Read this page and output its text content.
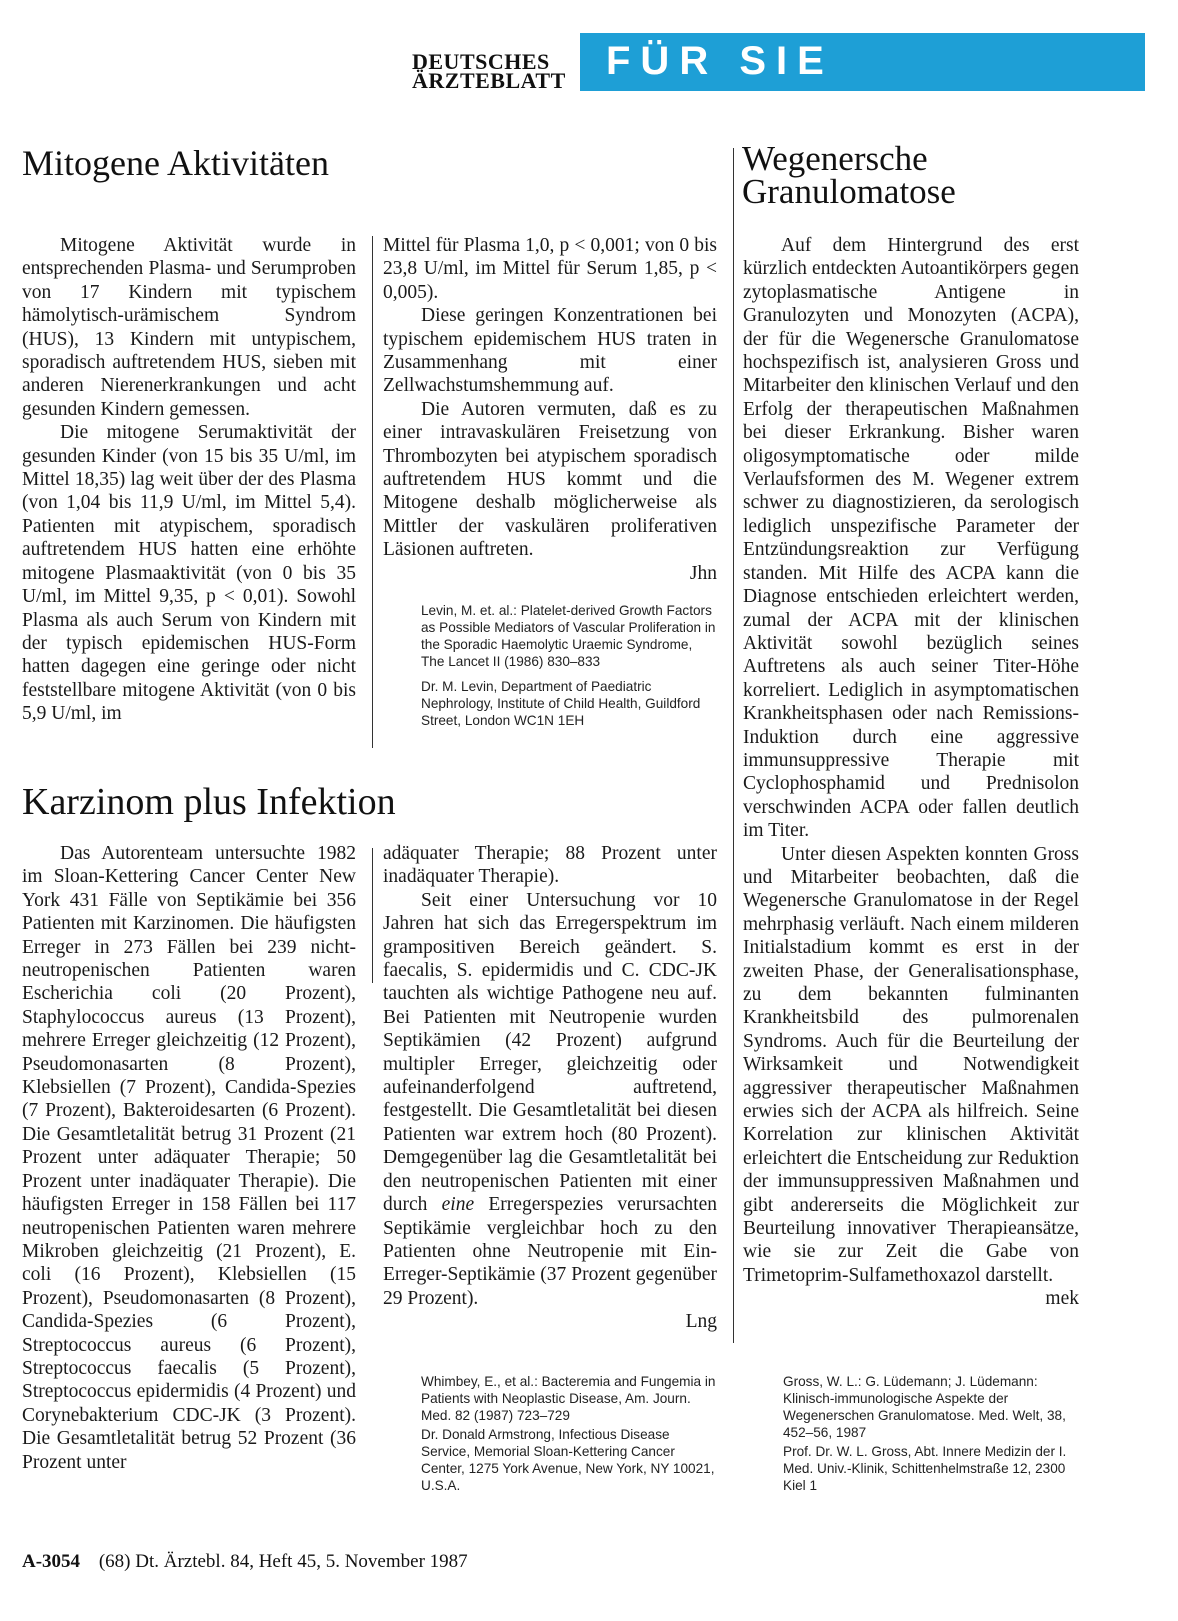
DEUTSCHES
ÄRZTEBLATT FÜR SIE REFERIERT
Mitogene Aktivitäten

Mitogene Aktivität wurde in entsprechenden Plasma- und Serumproben von 17 Kindern mit typischem hämolytisch-urämischem Syndrom (HUS), 13 Kindern mit untypischem, sporadisch auftretendem HUS, sieben mit anderen Nierenerkrankungen und acht gesunden Kindern gemessen.

Die mitogene Serumaktivität der gesunden Kinder (von 15 bis 35 U/ml, im Mittel 18,35) lag weit über der des Plasma (von 1,04 bis 11,9 U/ml, im Mittel 5,4). Patienten mit atypischem, sporadisch auftretendem HUS hatten eine erhöhte mitogene Plasmaaktivität (von 0 bis 35 U/ml, im Mittel 9,35, p < 0,01). Sowohl Plasma als auch Serum von Kindern mit der typisch epidemischen HUS-Form hatten dagegen eine geringe oder nicht feststellbare mitogene Aktivität (von 0 bis 5,9 U/ml, im

Mittel für Plasma 1,0, p < 0,001; von 0 bis 23,8 U/ml, im Mittel für Serum 1,85, p < 0,005).

Diese geringen Konzentrationen bei typischem epidemischem HUS traten in Zusammenhang mit einer Zellwachstumshemmung auf.

Die Autoren vermuten, daß es zu einer intravaskulären Freisetzung von Thrombozyten bei atypischem sporadisch auftretendem HUS kommt und die Mitogene deshalb möglicherweise als Mittler der vaskulären proliferativen Läsionen auftreten.

Jhn

Levin, M. et. al.: Platelet-derived Growth Factors as Possible Mediators of Vascular Proliferation in the Sporadic Haemolytic Uraemic Syndrome, The Lancet II (1986) 830–833

Dr. M. Levin, Department of Paediatric Nephrology, Institute of Child Health, Guildford Street, London WC1N 1EH

Karzinom plus Infektion

Das Autorenteam untersuchte 1982 im Sloan-Kettering Cancer Center New York 431 Fälle von Septikämie bei 356 Patienten mit Karzinomen. Die häufigsten Erreger in 273 Fällen bei 239 nicht-neutropenischen Patienten waren Escherichia coli (20 Prozent), Staphylococcus aureus (13 Prozent), mehrere Erreger gleichzeitig (12 Prozent), Pseudomonasarten (8 Prozent), Klebsiellen (7 Prozent), Candida-Spezies (7 Prozent), Bakteroidesarten (6 Prozent). Die Gesamtletalität betrug 31 Prozent (21 Prozent unter adäquater Therapie; 50 Prozent unter inadäquater Therapie). Die häufigsten Erreger in 158 Fällen bei 117 neutropenischen Patienten waren mehrere Mikroben gleichzeitig (21 Prozent), E. coli (16 Prozent), Klebsiellen (15 Prozent), Pseudomonasarten (8 Prozent), Candida-Spezies (6 Prozent), Streptococcus aureus (6 Prozent), Streptococcus faecalis (5 Prozent), Streptococcus epidermidis (4 Prozent) und Corynebakterium CDC-JK (3 Prozent). Die Gesamtletalität betrug 52 Prozent (36 Prozent unter

adäquater Therapie; 88 Prozent unter inadäquater Therapie).

Seit einer Untersuchung vor 10 Jahren hat sich das Erregerspektrum im grampositiven Bereich geändert. S. faecalis, S. epidermidis und C. CDC-JK tauchten als wichtige Pathogene neu auf. Bei Patienten mit Neutropenie wurden Septikämien (42 Prozent) aufgrund multipler Erreger, gleichzeitig oder aufeinanderfolgend auftretend, festgestellt. Die Gesamtletalität bei diesen Patienten war extrem hoch (80 Prozent). Demgegenüber lag die Gesamtletalität bei den neutropenischen Patienten mit einer durch eine Erregerspezies verursachten Septikämie vergleichbar hoch zu den Patienten ohne Neutropenie mit Ein-Erreger-Septikämie (37 Prozent gegenüber 29 Prozent).

Lng

Whimbey, E., et al.: Bacteremia and Fungemia in Patients with Neoplastic Disease, Am. Journ. Med. 82 (1987) 723–729

Dr. Donald Armstrong, Infectious Disease Service, Memorial Sloan-Kettering Cancer Center, 1275 York Avenue, New York, NY 10021, U.S.A.

Wegenersche
Granulomatose

Auf dem Hintergrund des erst kürzlich entdeckten Autoantikörpers gegen zytoplasmatische Antigene in Granulozyten und Monozyten (ACPA), der für die Wegenersche Granulomatose hochspezifisch ist, analysieren Gross und Mitarbeiter den klinischen Verlauf und den Erfolg der therapeutischen Maßnahmen bei dieser Erkrankung. Bisher waren oligosymptomatische oder milde Verlaufsformen des M. Wegener extrem schwer zu diagnostizieren, da serologisch lediglich unspezifische Parameter der Entzündungsreaktion zur Verfügung standen. Mit Hilfe des ACPA kann die Diagnose entschieden erleichtert werden, zumal der ACPA mit der klinischen Aktivität sowohl bezüglich seines Auftretens als auch seiner Titer-Höhe korreliert. Lediglich in asymptomatischen Krankheitsphasen oder nach Remissions-Induktion durch eine aggressive immunsuppressive Therapie mit Cyclophosphamid und Prednisolon verschwinden ACPA oder fallen deutlich im Titer.

Unter diesen Aspekten konnten Gross und Mitarbeiter beobachten, daß die Wegenersche Granulomatose in der Regel mehrphasig verläuft. Nach einem milderen Initialstadium kommt es erst in der zweiten Phase, der Generalisationsphase, zu dem bekannten fulminanten Krankheitsbild des pulmorenalen Syndroms. Auch für die Beurteilung der Wirksamkeit und Notwendigkeit aggressiver therapeutischer Maßnahmen erwies sich der ACPA als hilfreich. Seine Korrelation zur klinischen Aktivität erleichtert die Entscheidung zur Reduktion der immunsuppressiven Maßnahmen und gibt andererseits die Möglichkeit zur Beurteilung innovativer Therapieansätze, wie sie zur Zeit die Gabe von Trimetoprim-Sulfamethoxazol darstellt.

mek

Gross, W. L.: G. Lüdemann; J. Lüdemann: Klinisch-immunologische Aspekte der Wegenerschen Granulomatose. Med. Welt, 38, 452–56, 1987

Prof. Dr. W. L. Gross, Abt. Innere Medizin der I. Med. Univ.-Klinik, Schittenhelmstraße 12, 2300 Kiel 1

A-3054 (68) Dt. Ärztebl. 84, Heft 45, 5. November 1987
